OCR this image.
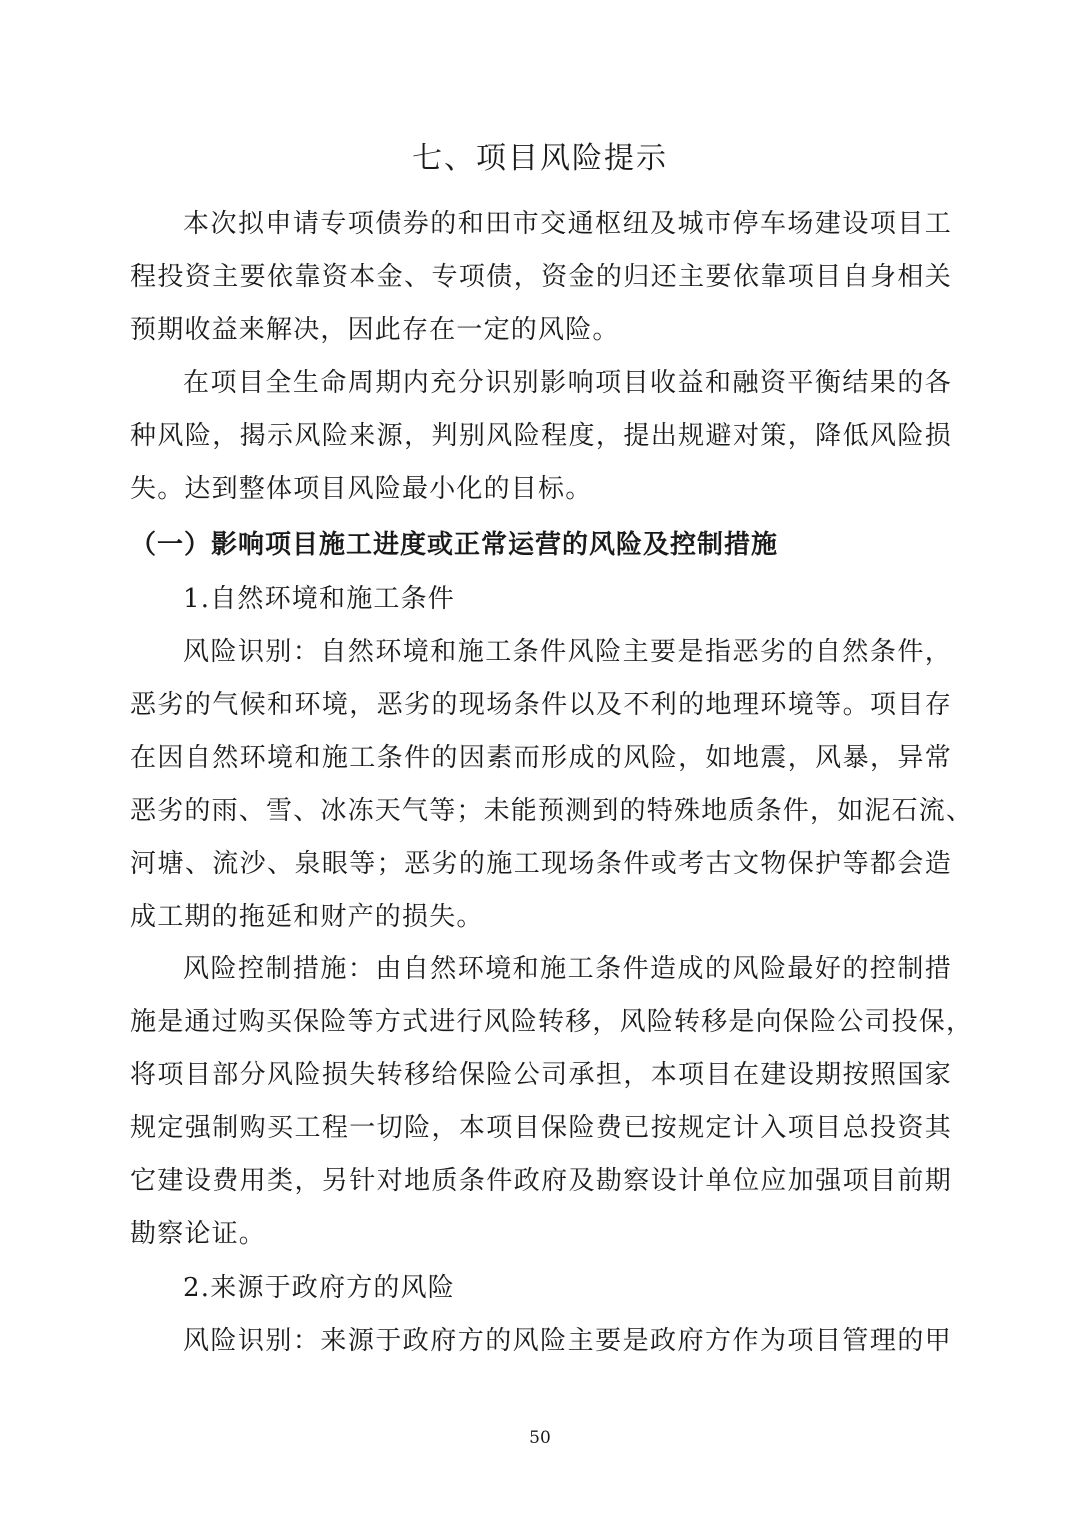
七、项目风险提示
本次拟申请专项债券的和田市交通枢纽及城市停车场建设项目工
程投资主要依靠资本金、专项债，资金的归还主要依靠项目自身相关
预期收益来解决，因此存在一定的风险。
在项目全生命周期内充分识别影响项目收益和融资平衡结果的各
种风险，揭示风险来源，判别风险程度，提出规避对策，降低风险损
失。达到整体项目风险最小化的目标。
（一）影响项目施工进度或正常运营的风险及控制措施
1.自然环境和施工条件
风险识别：自然环境和施工条件风险主要是指恶劣的自然条件，
恶劣的气候和环境，恶劣的现场条件以及不利的地理环境等。项目存
在因自然环境和施工条件的因素而形成的风险，如地震，风暴，异常
恶劣的雨、雪、冰冻天气等；未能预测到的特殊地质条件，如泥石流、
河塘、流沙、泉眼等；恶劣的施工现场条件或考古文物保护等都会造
成工期的拖延和财产的损失。
风险控制措施：由自然环境和施工条件造成的风险最好的控制措
施是通过购买保险等方式进行风险转移，风险转移是向保险公司投保，
将项目部分风险损失转移给保险公司承担，本项目在建设期按照国家
规定强制购买工程一切险，本项目保险费已按规定计入项目总投资其
它建设费用类，另针对地质条件政府及勘察设计单位应加强项目前期
勘察论证。
2.来源于政府方的风险
风险识别：来源于政府方的风险主要是政府方作为项目管理的甲
50
